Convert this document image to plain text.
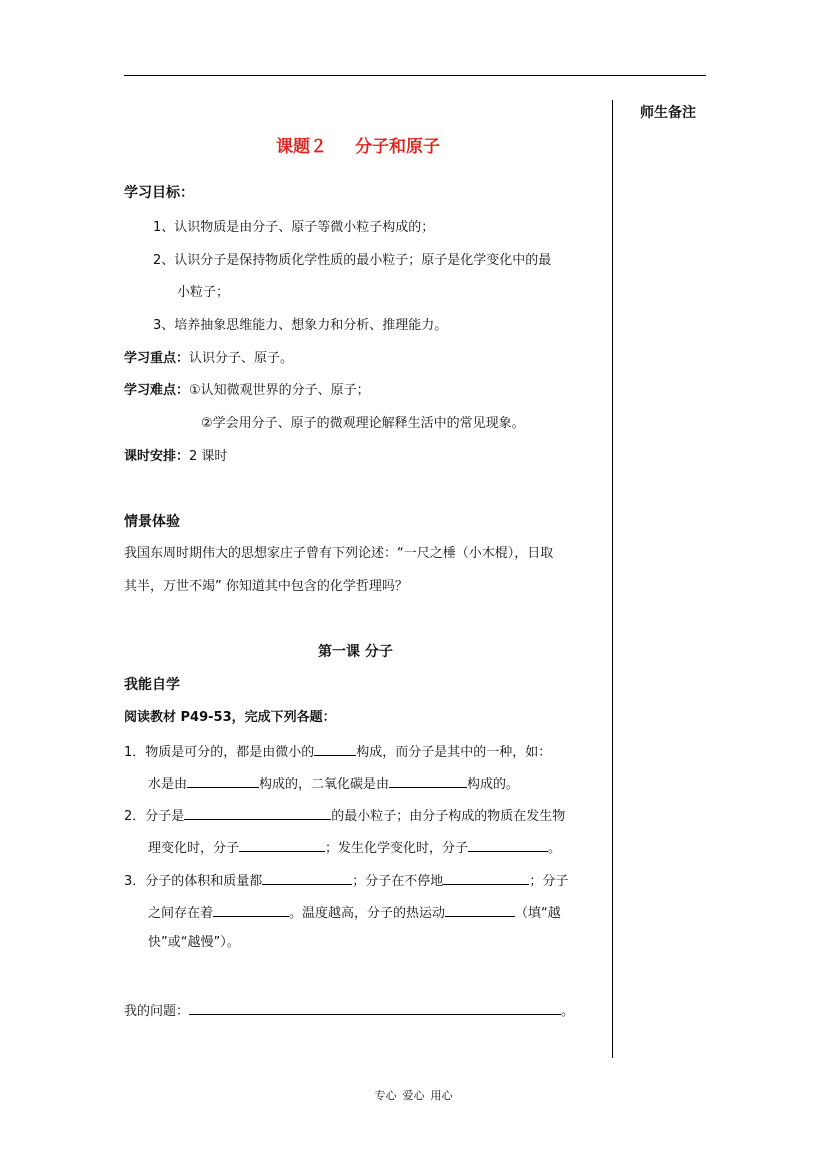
师生备注
课题２ 分子和原子
学习目标：
1、认识物质是由分子、原子等微小粒子构成的；
2、认识分子是保持物质化学性质的最小粒子；原子是化学变化中的最
小粒子；
3、培养抽象思维能力、想象力和分析、推理能力。
学习重点：认识分子、原子。
学习难点：①认知微观世界的分子、原子；
②学会用分子、原子的微观理论解释生活中的常见现象。
课时安排：2 课时
情景体验
我国东周时期伟大的思想家庄子曾有下列论述：“一尺之棰（小木棍），日取
其半，万世不竭” 你知道其中包含的化学哲理吗？
第一课 分子
我能自学
阅读教材 P49-53，完成下列各题：
1．物质是可分的，都是由微小的	构成，而分子是其中的一种，如：
水是由	构成的，二氧化碳是由	构成的。
2．分子是	的最小粒子；由分子构成的物质在发生物
理变化时，分子	；发生化学变化时，分子	。
3．分子的体积和质量都	；分子在不停地	；分子
之间存在着	。温度越高，分子的热运动	（填“越
快”或“越慢”）。
我的问题：	。
专心 爱心 用心
